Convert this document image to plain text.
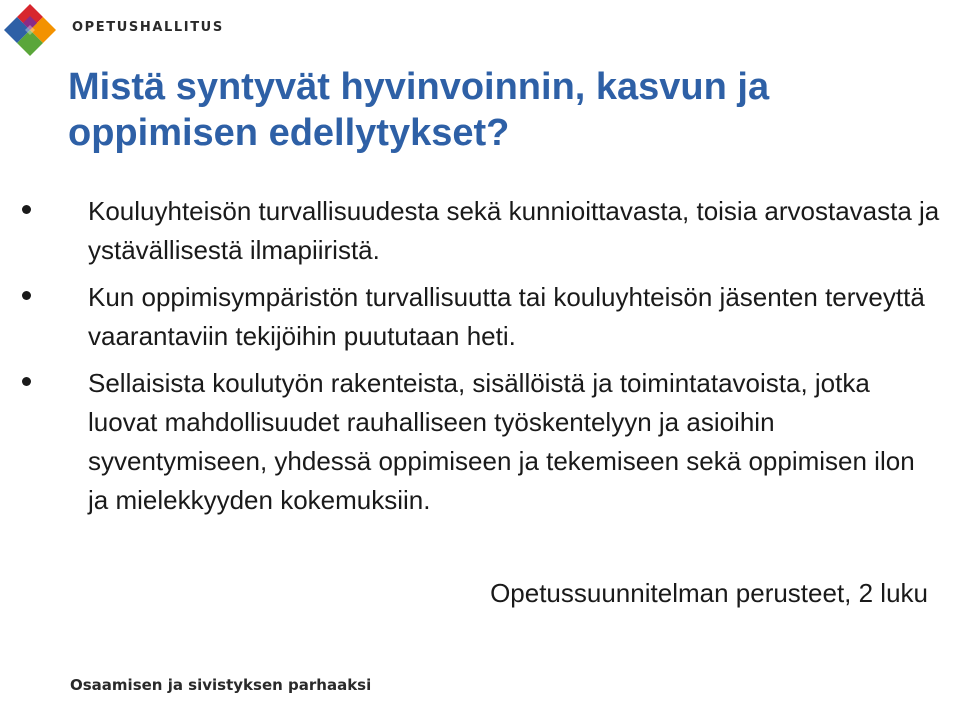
OPETUSHALLITUS
Mistä syntyvät hyvinvoinnin, kasvun ja oppimisen edellytykset?
Kouluyhteisön turvallisuudesta sekä kunnioittavasta, toisia arvostavasta ja ystävällisestä ilmapiiristä.
Kun oppimisympäristön turvallisuutta tai kouluyhteisön jäsenten terveyttä vaarantaviin tekijöihin puututaan heti.
Sellaisista koulutyön rakenteista, sisällöistä ja toimintatavoista, jotka luovat mahdollisuudet rauhalliseen työskentelyyn ja asioihin syventymiseen, yhdessä oppimiseen ja tekemiseen sekä oppimisen ilon ja mielekkyyden kokemuksiin.
Opetussuunnitelman perusteet, 2 luku
Osaamisen ja sivistyksen parhaaksi
